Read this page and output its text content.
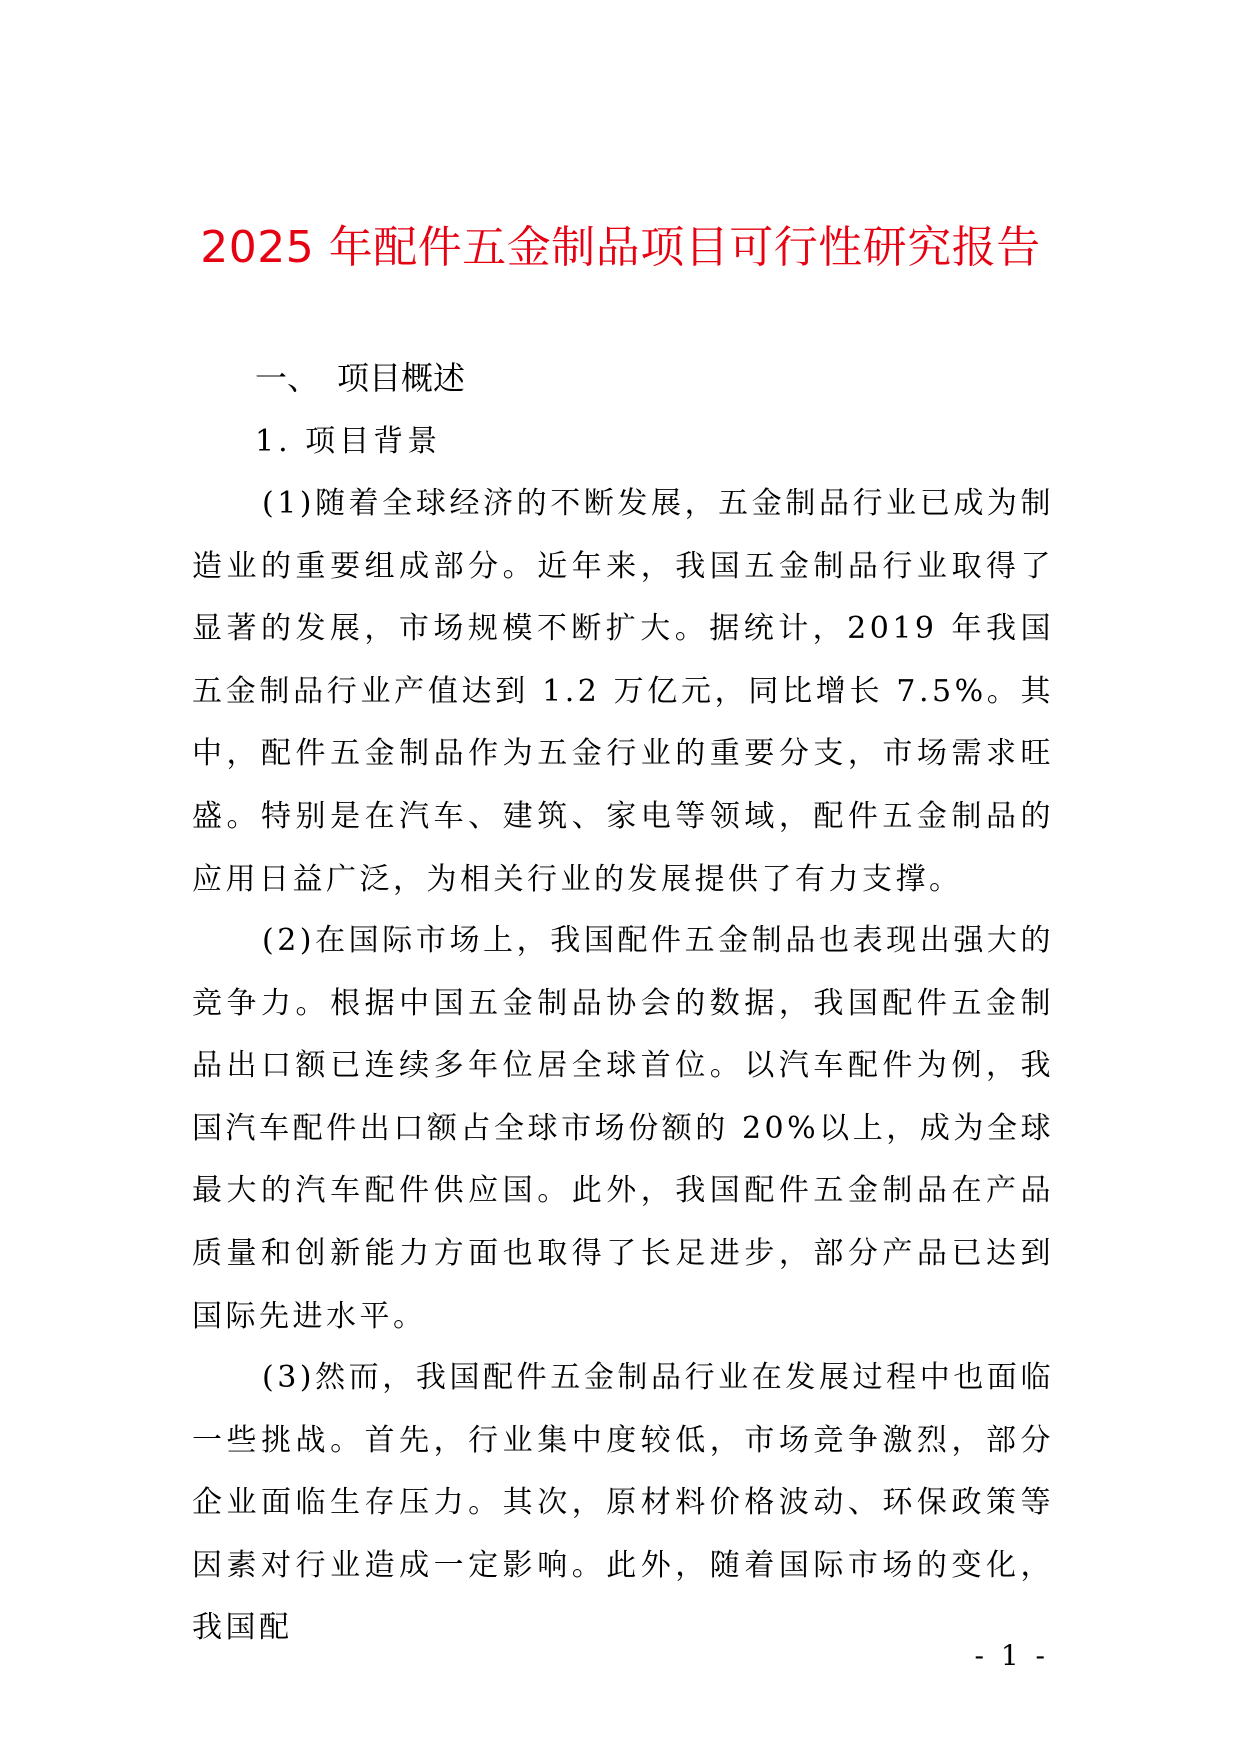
2025 年配件五金制品项目可行性研究报告
一、 项目概述
1. 项目背景

(1)随着全球经济的不断发展，五金制品行业已成为制造业的重要组成部分。近年来，我国五金制品行业取得了显著的发展，市场规模不断扩大。据统计，2019 年我国五金制品行业产值达到 1.2 万亿元，同比增长 7.5%。其中，配件五金制品作为五金行业的重要分支，市场需求旺盛。特别是在汽车、建筑、家电等领域，配件五金制品的应用日益广泛，为相关行业的发展提供了有力支撑。

(2)在国际市场上，我国配件五金制品也表现出强大的竞争力。根据中国五金制品协会的数据，我国配件五金制品出口额已连续多年位居全球首位。以汽车配件为例，我国汽车配件出口额占全球市场份额的 20%以上，成为全球最大的汽车配件供应国。此外，我国配件五金制品在产品质量和创新能力方面也取得了长足进步，部分产品已达到国际先进水平。

(3)然而，我国配件五金制品行业在发展过程中也面临一些挑战。首先，行业集中度较低，市场竞争激烈，部分企业面临生存压力。其次，原材料价格波动、环保政策等因素对行业造成一定影响。此外，随着国际市场的变化，我国配

- 1 -
